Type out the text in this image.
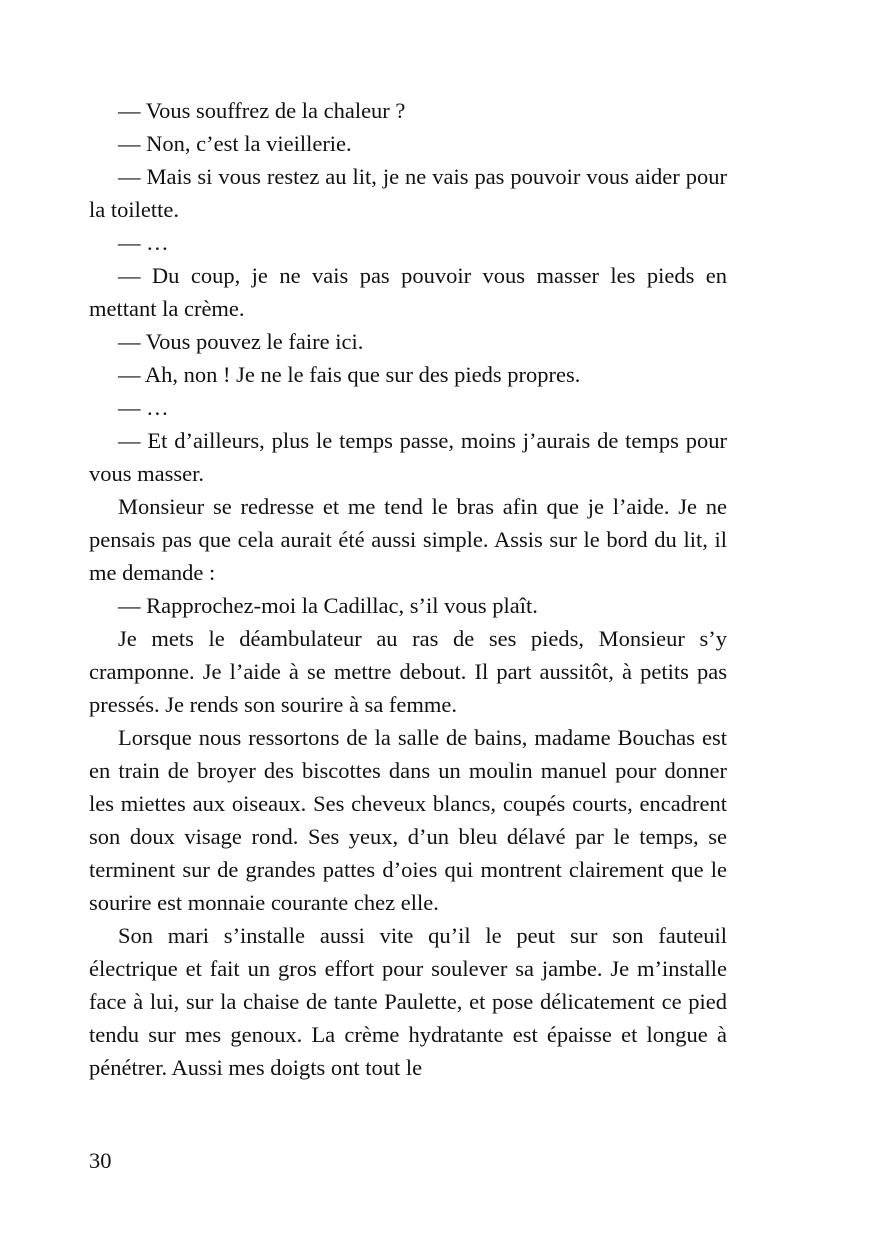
— Vous souffrez de la chaleur ?

— Non, c’est la vieillerie.

— Mais si vous restez au lit, je ne vais pas pouvoir vous aider pour la toilette.

— …

— Du coup, je ne vais pas pouvoir vous masser les pieds en mettant la crème.

— Vous pouvez le faire ici.

— Ah, non ! Je ne le fais que sur des pieds propres.

— …

— Et d’ailleurs, plus le temps passe, moins j’aurais de temps pour vous masser.

Monsieur se redresse et me tend le bras afin que je l’aide. Je ne pensais pas que cela aurait été aussi simple. Assis sur le bord du lit, il me demande :

— Rapprochez-moi la Cadillac, s’il vous plaît.

Je mets le déambulateur au ras de ses pieds, Monsieur s’y cramponne. Je l’aide à se mettre debout. Il part aussitôt, à petits pas pressés. Je rends son sourire à sa femme.

Lorsque nous ressortons de la salle de bains, madame Bouchas est en train de broyer des biscottes dans un moulin manuel pour donner les miettes aux oiseaux. Ses cheveux blancs, coupés courts, encadrent son doux visage rond. Ses yeux, d’un bleu délavé par le temps, se terminent sur de grandes pattes d’oies qui montrent clairement que le sourire est monnaie courante chez elle.

Son mari s’installe aussi vite qu’il le peut sur son fauteuil électrique et fait un gros effort pour soulever sa jambe. Je m’installe face à lui, sur la chaise de tante Paulette, et pose délicatement ce pied tendu sur mes genoux. La crème hydratante est épaisse et longue à pénétrer. Aussi mes doigts ont tout le

30
